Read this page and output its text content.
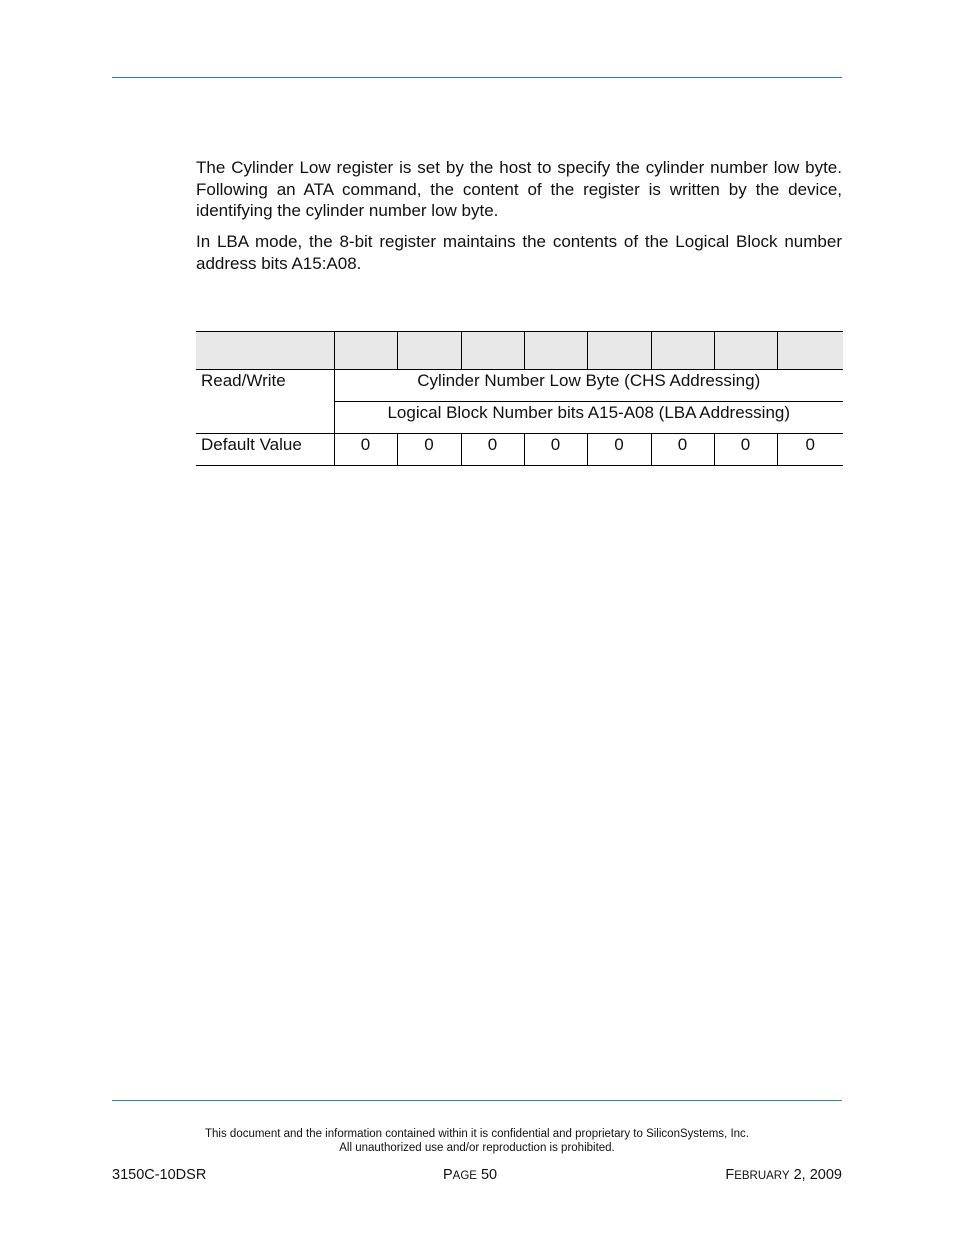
The Cylinder Low register is set by the host to specify the cylinder number low byte. Following an ATA command, the content of the register is written by the device, identifying the cylinder number low byte.

In LBA mode, the 8-bit register maintains the contents of the Logical Block number address bits A15:A08.

Read/Write	Cylinder Number Low Byte (CHS Addressing)							
	Logical Block Number bits A15-A08 (LBA Addressing)							
Default Value	0	0	0	0	0	0	0	0
This document and the information contained within it is confidential and proprietary to SiliconSystems, Inc.
All unauthorized use and/or reproduction is prohibited.
3150C-10DSR	PAGE 50	FEBRUARY 2, 2009
